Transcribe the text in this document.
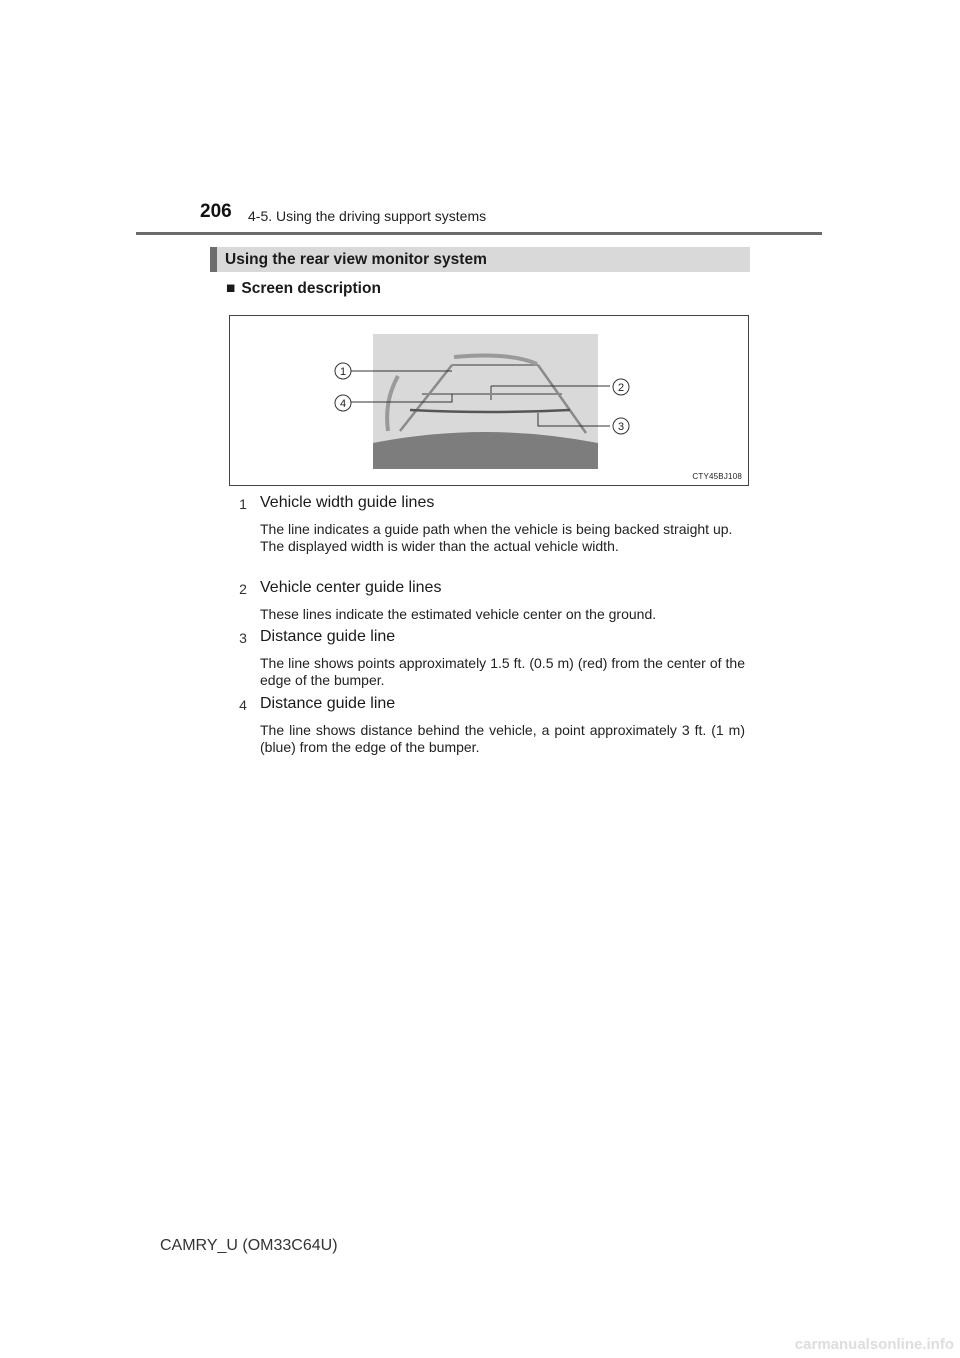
206 4-5. Using the driving support systems
Using the rear view monitor system
■ Screen description
1
2
3
4
CTY45BJ108
1 Vehicle width guide lines
The line indicates a guide path when the vehicle is being backed straight up.
The displayed width is wider than the actual vehicle width.
2 Vehicle center guide lines
These lines indicate the estimated vehicle center on the ground.
3 Distance guide line
The line shows points approximately 1.5 ft. (0.5 m) (red) from the center of the edge of the bumper.
4 Distance guide line
The line shows distance behind the vehicle, a point approximately 3 ft. (1 m) (blue) from the edge of the bumper.
CAMRY_U (OM33C64U)
carmanualsonline.info
